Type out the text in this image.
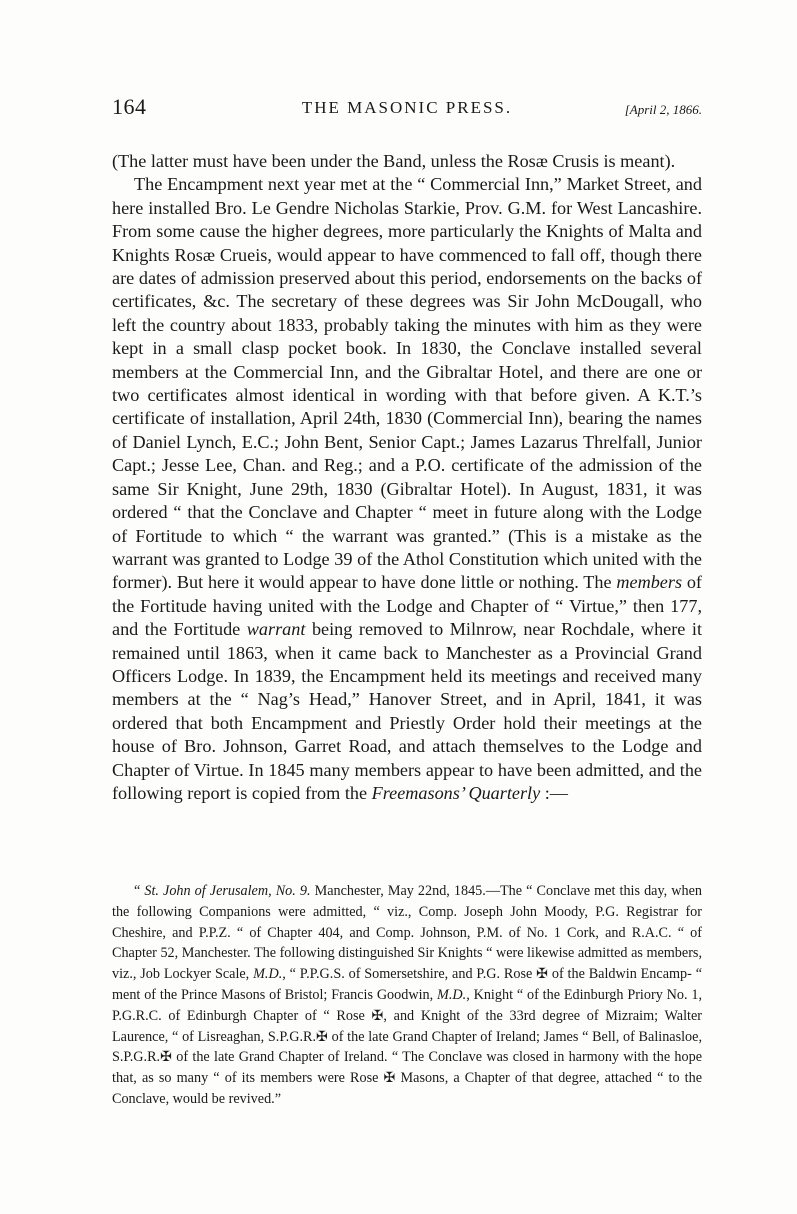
164	THE MASONIC PRESS.	[April 2, 1866.

(The latter must have been under the Band, unless the Rosæ Crusis is meant).

The Encampment next year met at the “ Commercial Inn,” Market Street, and here installed Bro. Le Gendre Nicholas Starkie, Prov. G.M. for West Lancashire. From some cause the higher degrees, more particularly the Knights of Malta and Knights Rosæ Crueis, would appear to have commenced to fall off, though there are dates of admission preserved about this period, endorsements on the backs of certificates, &c. The secretary of these degrees was Sir John McDougall, who left the country about 1833, probably taking the minutes with him as they were kept in a small clasp pocket book. In 1830, the Conclave installed several members at the Commercial Inn, and the Gibraltar Hotel, and there are one or two certificates almost identical in wording with that before given. A K.T.’s certificate of installation, April 24th, 1830 (Commercial Inn), bearing the names of Daniel Lynch, E.C.; John Bent, Senior Capt.; James Lazarus Threlfall, Junior Capt.; Jesse Lee, Chan. and Reg.; and a P.O. certificate of the admission of the same Sir Knight, June 29th, 1830 (Gibraltar Hotel). In August, 1831, it was ordered “ that the Conclave and Chapter “ meet in future along with the Lodge of Fortitude to which “ the warrant was granted.” (This is a mistake as the warrant was granted to Lodge 39 of the Athol Constitution which united with the former). But here it would appear to have done little or nothing. The members of the Fortitude having united with the Lodge and Chapter of “ Virtue,” then 177, and the Fortitude warrant being removed to Milnrow, near Rochdale, where it remained until 1863, when it came back to Manchester as a Provincial Grand Officers Lodge. In 1839, the Encampment held its meetings and received many members at the “ Nag’s Head,” Hanover Street, and in April, 1841, it was ordered that both Encampment and Priestly Order hold their meetings at the house of Bro. Johnson, Garret Road, and attach themselves to the Lodge and Chapter of Virtue. In 1845 many members appear to have been admitted, and the following report is copied from the Freemasons’ Quarterly :—

“ St. John of Jerusalem, No. 9. Manchester, May 22nd, 1845.—The “ Conclave met this day, when the following Companions were admitted, “ viz., Comp. Joseph John Moody, P.G. Registrar for Cheshire, and P.P.Z. “ of Chapter 404, and Comp. Johnson, P.M. of No. 1 Cork, and R.A.C. “ of Chapter 52, Manchester. The following distinguished Sir Knights “ were likewise admitted as members, viz., Job Lockyer Scale, M.D., “ P.P.G.S. of Somersetshire, and P.G. Rose ✠ of the Baldwin Encamp- “ ment of the Prince Masons of Bristol; Francis Goodwin, M.D., Knight “ of the Edinburgh Priory No. 1, P.G.R.C. of Edinburgh Chapter of “ Rose ✠, and Knight of the 33rd degree of Mizraim; Walter Laurence, “ of Lisreaghan, S.P.G.R.✠ of the late Grand Chapter of Ireland; James “ Bell, of Balinasloe, S.P.G.R.✠ of the late Grand Chapter of Ireland. “ The Conclave was closed in harmony with the hope that, as so many “ of its members were Rose ✠ Masons, a Chapter of that degree, attached “ to the Conclave, would be revived.”
